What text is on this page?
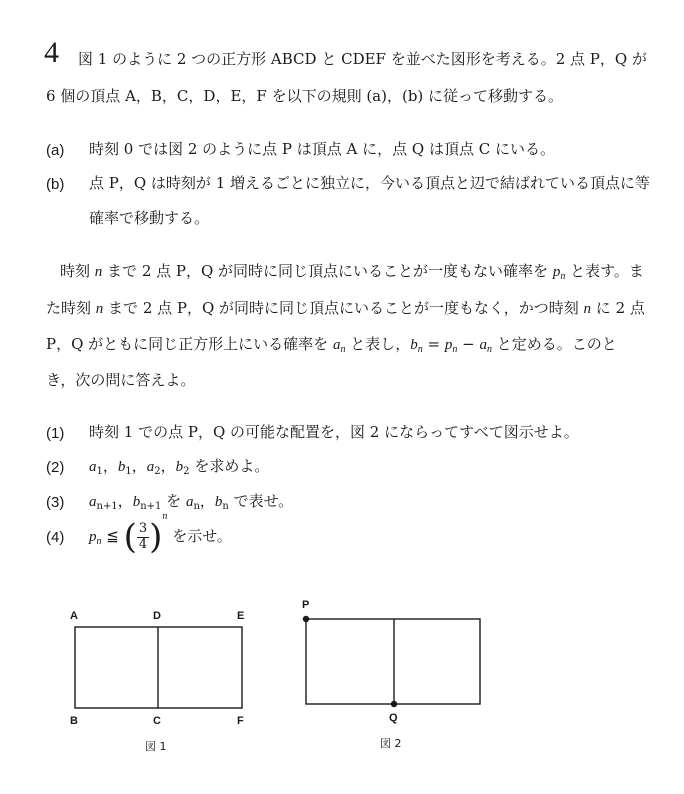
4 図 1 のように 2 つの正方形 ABCD と CDEF を並べた図形を考える。2 点 P，Q が
6 個の頂点 A，B，C，D，E，F を以下の規則 (a)，(b) に従って移動する。
(a) 時刻 0 では図 2 のように点 P は頂点 A に，点 Q は頂点 C にいる。
(b) 点 P，Q は時刻が 1 増えるごとに独立に，今いる頂点と辺で結ばれている頂点に等
確率で移動する。
時刻 n まで 2 点 P，Q が同時に同じ頂点にいることが一度もない確率を $p_n$ と表す。ま
た時刻 n まで 2 点 P，Q が同時に同じ頂点にいることが一度もなく，かつ時刻 n に 2 点
P，Q がともに同じ正方形上にいる確率を $a_n$ と表し，$b_n = p_n - a_n$ と定める。このと
き，次の問に答えよ。
(1) 時刻 1 での点 P，Q の可能な配置を，図 2 にならってすべて図示せよ。
(2) $a_1$，$b_1$，$a_2$，$b_2$ を求めよ。
(3) $a_{n+1}$，$b_{n+1}$ を $a_n$，$b_n$ で表せ。
(4) $p_n$ ≦ ( $\frac{3}{4} )^n$ を示せ。
A	D	E
B	C	F
図 1
P
Q
図 2
